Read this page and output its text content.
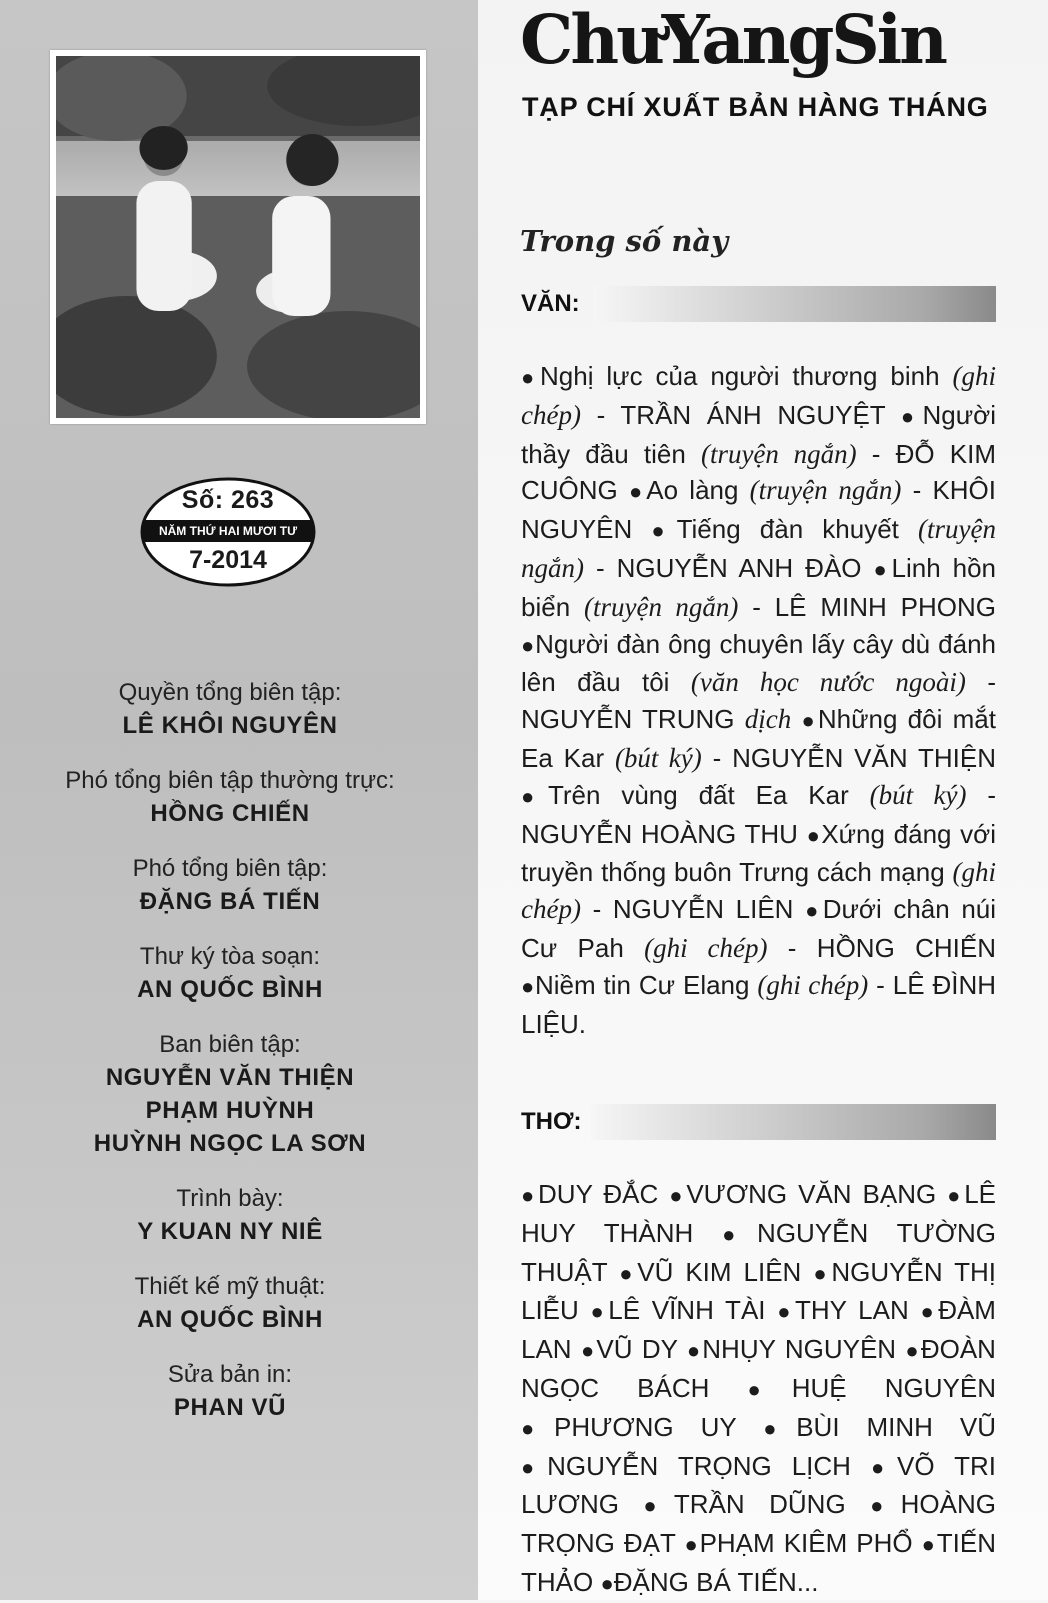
Số: 263
NĂM THỨ HAI MƯƠI TƯ
7-2014
Quyền tổng biên tập:
LÊ KHÔI NGUYÊN
Phó tổng biên tập thường trực:
HỒNG CHIẾN
Phó tổng biên tập:
ĐẶNG BÁ TIẾN
Thư ký tòa soạn:
AN QUỐC BÌNH
Ban biên tập:
NGUYỄN VĂN THIỆN
PHẠM HUỲNH
HUỲNH NGỌC LA SƠN
Trình bày:
Y KUAN NY NIÊ
Thiết kế mỹ thuật:
AN QUỐC BÌNH
Sửa bản in:
PHAN VŨ
ChưYangSin
TẠP CHÍ XUẤT BẢN HÀNG THÁNG
Trong số này
VĂN:
●Nghị lực của người thương binh (ghi chép) - TRẦN ÁNH NGUYỆT ●Người thầy đầu tiên (truyện ngắn) - ĐỖ KIM CUÔNG ●Ao làng (truyện ngắn) - KHÔI NGUYÊN ●Tiếng đàn khuyết (truyện ngắn) - NGUYỄN ANH ĐÀO ●Linh hồn biển (truyện ngắn) - LÊ MINH PHONG ●Người đàn ông chuyên lấy cây dù đánh lên đầu tôi (văn học nước ngoài) - NGUYỄN TRUNG dịch ●Những đôi mắt Ea Kar (bút ký) - NGUYỄN VĂN THIỆN ●Trên vùng đất Ea Kar (bút ký) - NGUYỄN HOÀNG THU ●Xứng đáng với truyền thống buôn Trưng cách mạng (ghi chép) - NGUYỄN LIÊN ●Dưới chân núi Cư Pah (ghi chép) - HỒNG CHIẾN ●Niềm tin Cư Elang (ghi chép) - LÊ ĐÌNH LIỆU.
THƠ:
●DUY ĐẮC ●VƯƠNG VĂN BẠNG ●LÊ HUY THÀNH ●NGUYỄN TƯỜNG THUẬT ●VŨ KIM LIÊN ●NGUYỄN THỊ LIỄU ●LÊ VĨNH TÀI ●THY LAN ●ĐÀM LAN ●VŨ DY ●NHỤY NGUYÊN ●ĐOÀN NGỌC BÁCH ●HUỆ NGUYÊN ●PHƯƠNG UY ●BÙI MINH VŨ ●NGUYỄN TRỌNG LỊCH ●VÕ TRI LƯƠNG ●TRẦN DŨNG ●HOÀNG TRỌNG ĐẠT ●PHẠM KIÊM PHỔ ●TIẾN THẢO ●ĐẶNG BÁ TIẾN...
